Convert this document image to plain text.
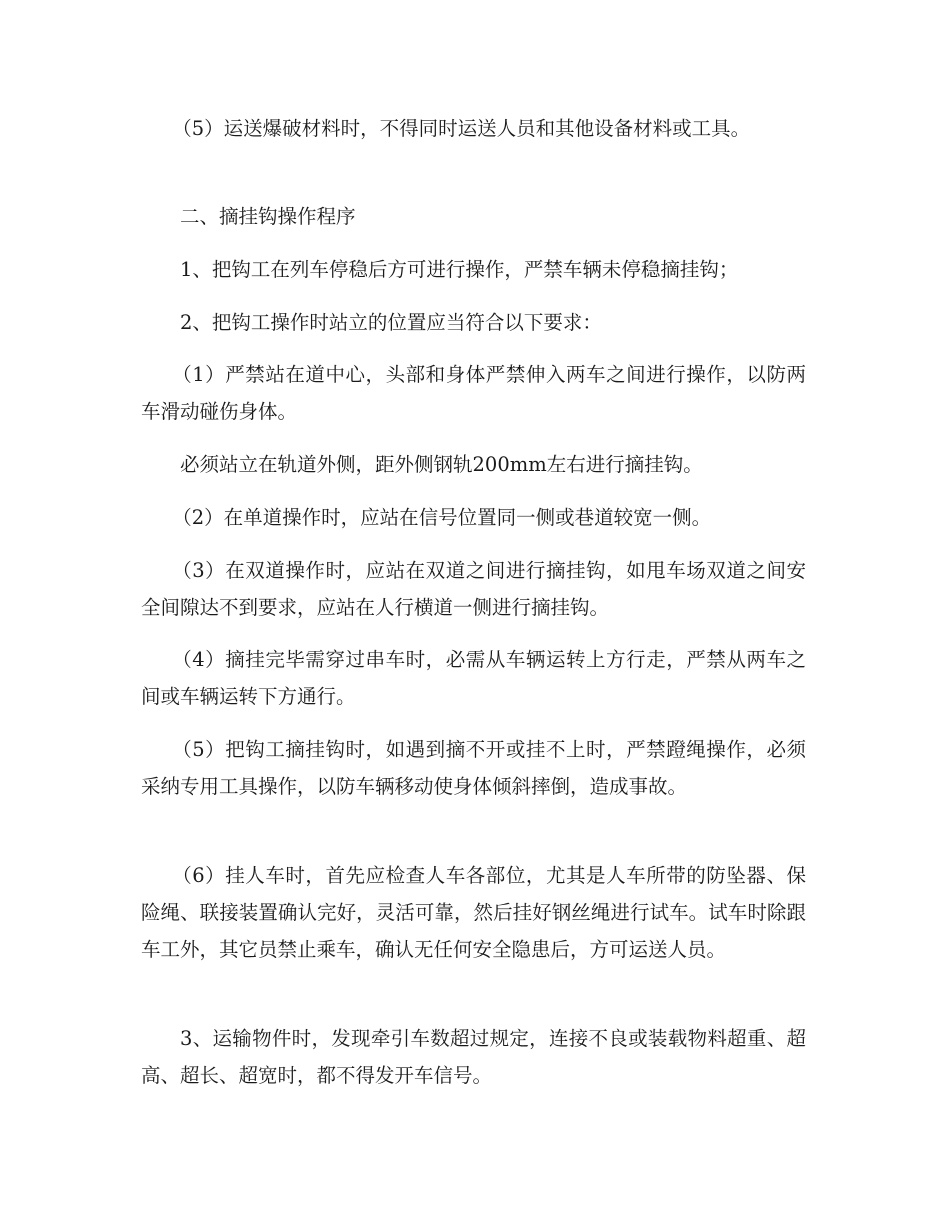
（5）运送爆破材料时，不得同时运送人员和其他设备材料或工具。

二、摘挂钩操作程序

1、把钩工在列车停稳后方可进行操作，严禁车辆未停稳摘挂钩；

2、把钩工操作时站立的位置应当符合以下要求：

（1）严禁站在道中心，头部和身体严禁伸入两车之间进行操作，以防两车滑动碰伤身体。

必须站立在轨道外侧，距外侧钢轨200mm左右进行摘挂钩。

（2）在单道操作时，应站在信号位置同一侧或巷道较宽一侧。

（3）在双道操作时，应站在双道之间进行摘挂钩，如甩车场双道之间安全间隙达不到要求，应站在人行横道一侧进行摘挂钩。

（4）摘挂完毕需穿过串车时，必需从车辆运转上方行走，严禁从两车之间或车辆运转下方通行。

（5）把钩工摘挂钩时，如遇到摘不开或挂不上时，严禁蹬绳操作，必须采纳专用工具操作，以防车辆移动使身体倾斜摔倒，造成事故。

（6）挂人车时，首先应检查人车各部位，尤其是人车所带的防坠器、保险绳、联接装置确认完好，灵活可靠，然后挂好钢丝绳进行试车。试车时除跟车工外，其它员禁止乘车，确认无任何安全隐患后，方可运送人员。

3、运输物件时，发现牵引车数超过规定，连接不良或装载物料超重、超高、超长、超宽时，都不得发开车信号。
